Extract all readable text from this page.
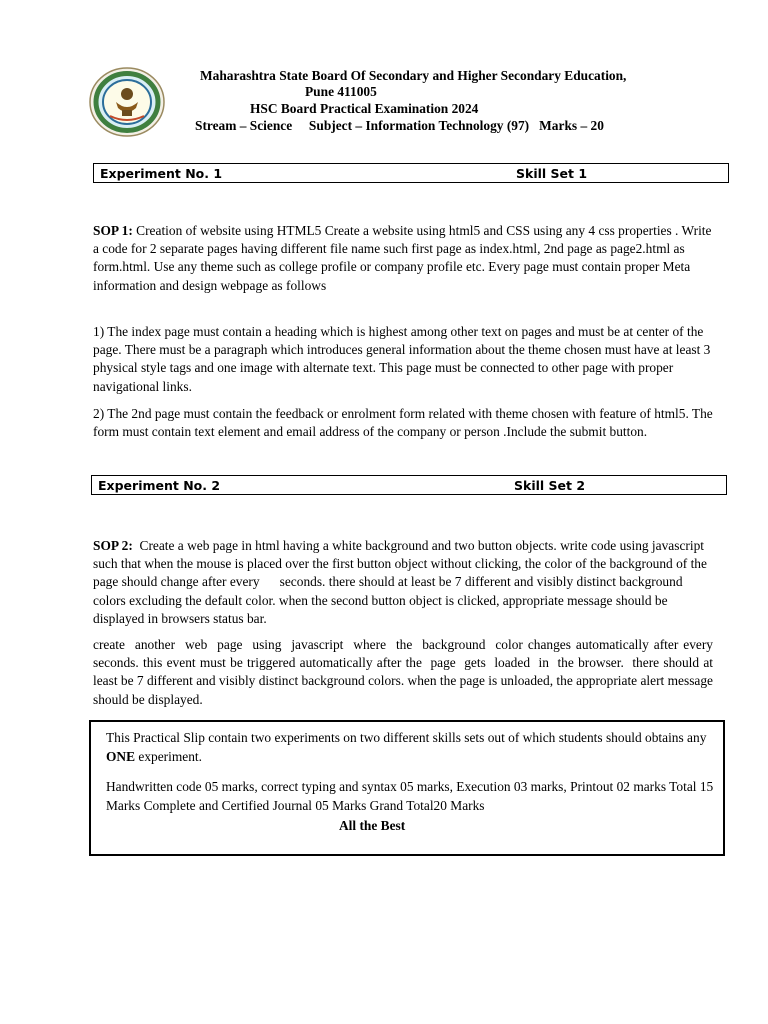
Maharashtra State Board Of Secondary and Higher Secondary Education,
Pune 411005
HSC Board Practical Examination 2024
Stream – Science     Subject – Information Technology (97)   Marks – 20
Experiment No. 1	Skill Set 1

SOP 1: Creation of website using HTML5 Create a website using html5 and CSS using any 4 css properties . Write a code for 2 separate pages having different file name such first page as index.html, 2nd page as page2.html as form.html. Use any theme such as college profile or company profile etc. Every page must contain proper Meta information and design webpage as follows

1) The index page must contain a heading which is highest among other text on pages and must be at center of the page. There must be a paragraph which introduces general information about the theme chosen must have at least 3 physical style tags and one image with alternate text. This page must be connected to other page with proper navigational links.

2) The 2nd page must contain the feedback or enrolment form related with theme chosen with feature of html5. The form must contain text element and email address of the company or person .Include the submit button.

Experiment No. 2	Skill Set 2

SOP 2:  Create a web page in html having a white background and two button objects. write code using javascript such that when the mouse is placed over the first button object without clicking, the color of the background of the page should change after every      seconds. there should at least be 7 different and visibly distinct background colors excluding the default color. when the second button object is clicked, appropriate message should be displayed in browsers status bar.

create  another  web  page  using  javascript  where  the  background  color changes automatically after every seconds. this event must be triggered automatically after the  page  gets  loaded  in  the browser.  there should at least be 7 different and visibly distinct background colors. when the page is unloaded, the appropriate alert message should be displayed.

This Practical Slip contain two experiments on two different skills sets out of which students should obtains any ONE experiment.

Handwritten code 05 marks, correct typing and syntax 05 marks, Execution 03 marks, Printout 02 marks Total 15 Marks Complete and Certified Journal 05 Marks Grand Total20 Marks

All the Best
